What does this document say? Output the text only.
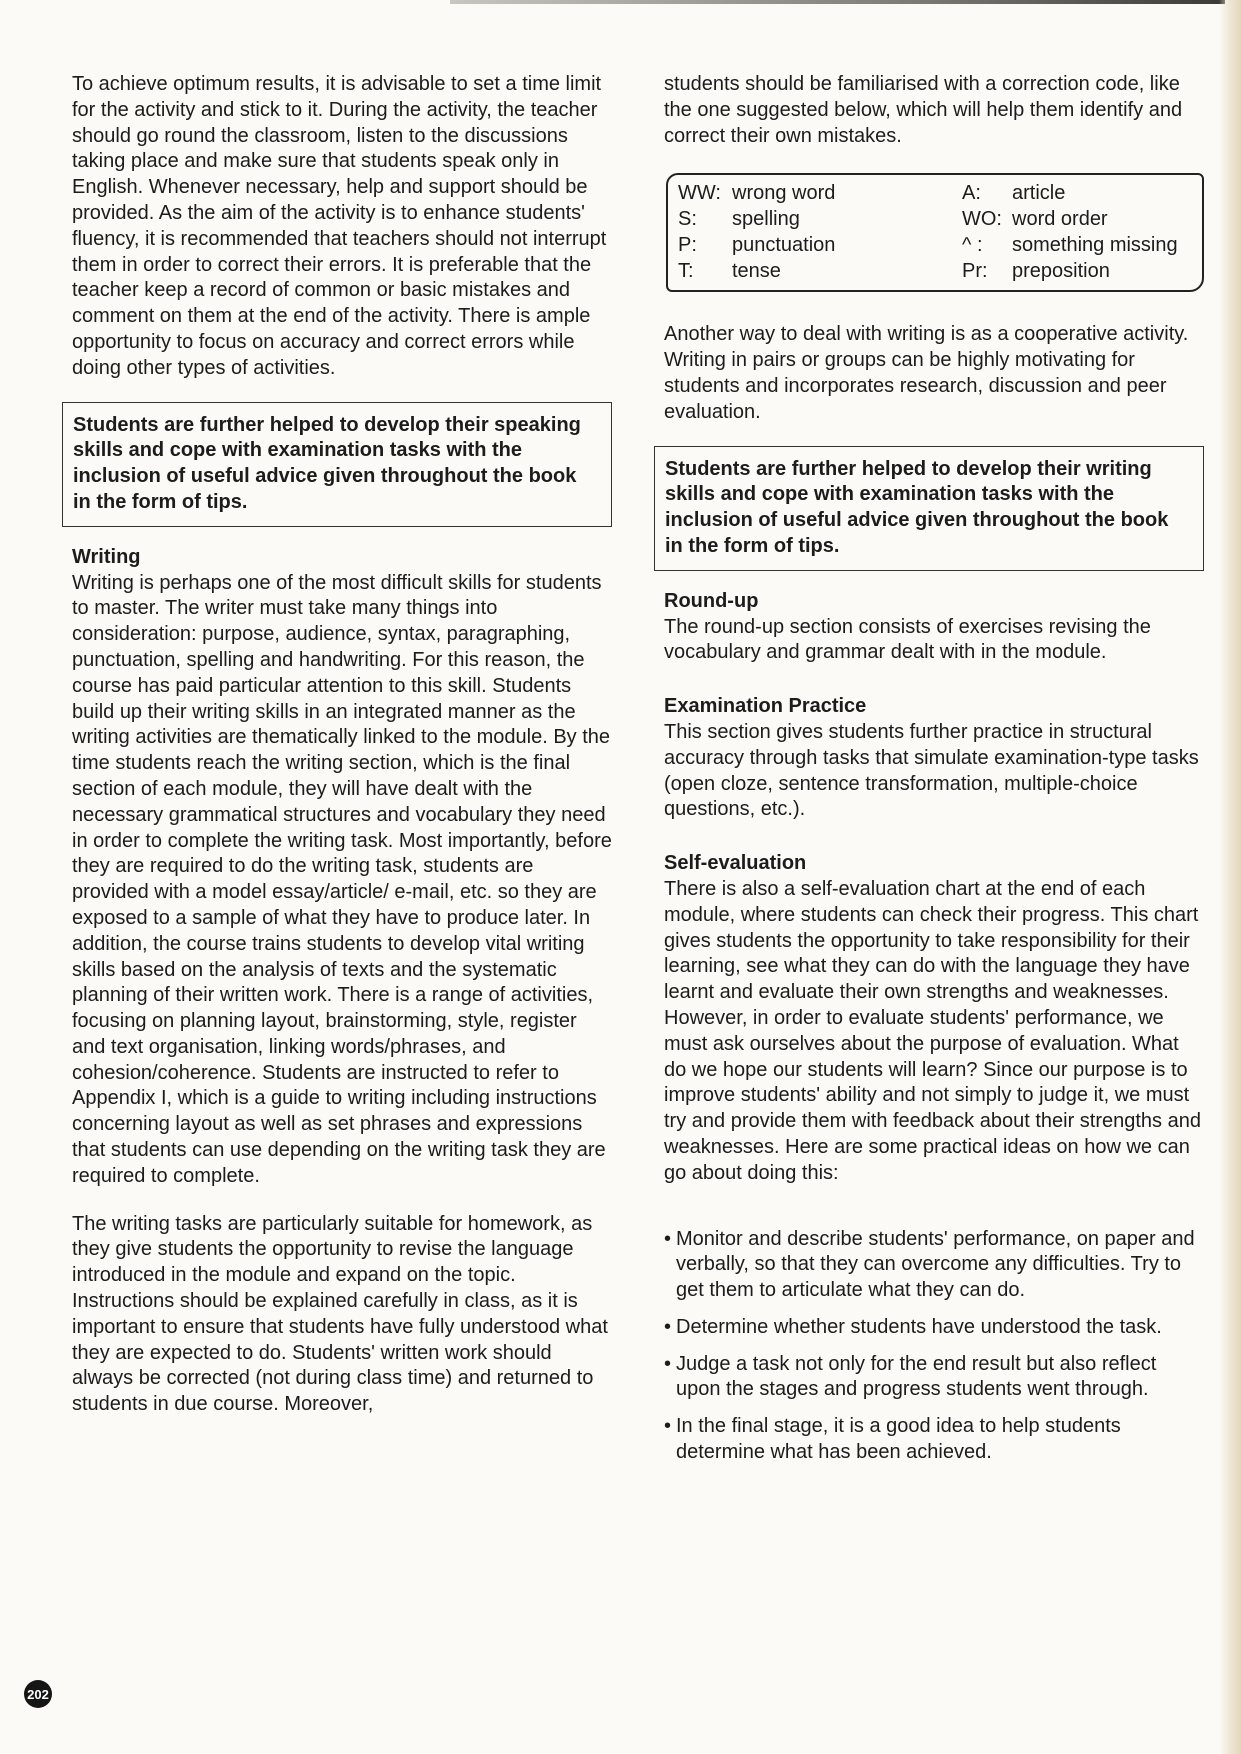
To achieve optimum results, it is advisable to set a time limit for the activity and stick to it. During the activity, the teacher should go round the classroom, listen to the discussions taking place and make sure that students speak only in English. Whenever necessary, help and support should be provided. As the aim of the activity is to enhance students' fluency, it is recommended that teachers should not interrupt them in order to correct their errors. It is preferable that the teacher keep a record of common or basic mistakes and comment on them at the end of the activity. There is ample opportunity to focus on accuracy and correct errors while doing other types of activities.

Students are further helped to develop their speaking skills and cope with examination tasks with the inclusion of useful advice given throughout the book in the form of tips.

Writing

Writing is perhaps one of the most difficult skills for students to master. The writer must take many things into consideration: purpose, audience, syntax, paragraphing, punctuation, spelling and handwriting. For this reason, the course has paid particular attention to this skill. Students build up their writing skills in an integrated manner as the writing activities are thematically linked to the module. By the time students reach the writing section, which is the final section of each module, they will have dealt with the necessary grammatical structures and vocabulary they need in order to complete the writing task. Most importantly, before they are required to do the writing task, students are provided with a model essay/article/ e-mail, etc. so they are exposed to a sample of what they have to produce later. In addition, the course trains students to develop vital writing skills based on the analysis of texts and the systematic planning of their written work. There is a range of activities, focusing on planning layout, brainstorming, style, register and text organisation, linking words/phrases, and cohesion/coherence. Students are instructed to refer to Appendix I, which is a guide to writing including instructions concerning layout as well as set phrases and expressions that students can use depending on the writing task they are required to complete.

The writing tasks are particularly suitable for homework, as they give students the opportunity to revise the language introduced in the module and expand on the topic. Instructions should be explained carefully in class, as it is important to ensure that students have fully understood what they are expected to do. Students' written work should always be corrected (not during class time) and returned to students in due course. Moreover,

students should be familiarised with a correction code, like the one suggested below, which will help them identify and correct their own mistakes.

WW: wrong word	A:	article
S:	spelling	WO: word order
P:	punctuation	^ :	something missing
T:	tense	Pr:	preposition

Another way to deal with writing is as a cooperative activity. Writing in pairs or groups can be highly motivating for students and incorporates research, discussion and peer evaluation.

Students are further helped to develop their writing skills and cope with examination tasks with the inclusion of useful advice given throughout the book in the form of tips.

Round-up

The round-up section consists of exercises revising the vocabulary and grammar dealt with in the module.

Examination Practice

This section gives students further practice in structural accuracy through tasks that simulate examination-type tasks (open cloze, sentence transformation, multiple-choice questions, etc.).

Self-evaluation

There is also a self-evaluation chart at the end of each module, where students can check their progress. This chart gives students the opportunity to take responsibility for their learning, see what they can do with the language they have learnt and evaluate their own strengths and weaknesses. However, in order to evaluate students' performance, we must ask ourselves about the purpose of evaluation. What do we hope our students will learn? Since our purpose is to improve students' ability and not simply to judge it, we must try and provide them with feedback about their strengths and weaknesses. Here are some practical ideas on how we can go about doing this:

• Monitor and describe students' performance, on paper and verbally, so that they can overcome any difficulties. Try to get them to articulate what they can do.
• Determine whether students have understood the task.
• Judge a task not only for the end result but also reflect upon the stages and progress students went through.
• In the final stage, it is a good idea to help students determine what has been achieved.
202
